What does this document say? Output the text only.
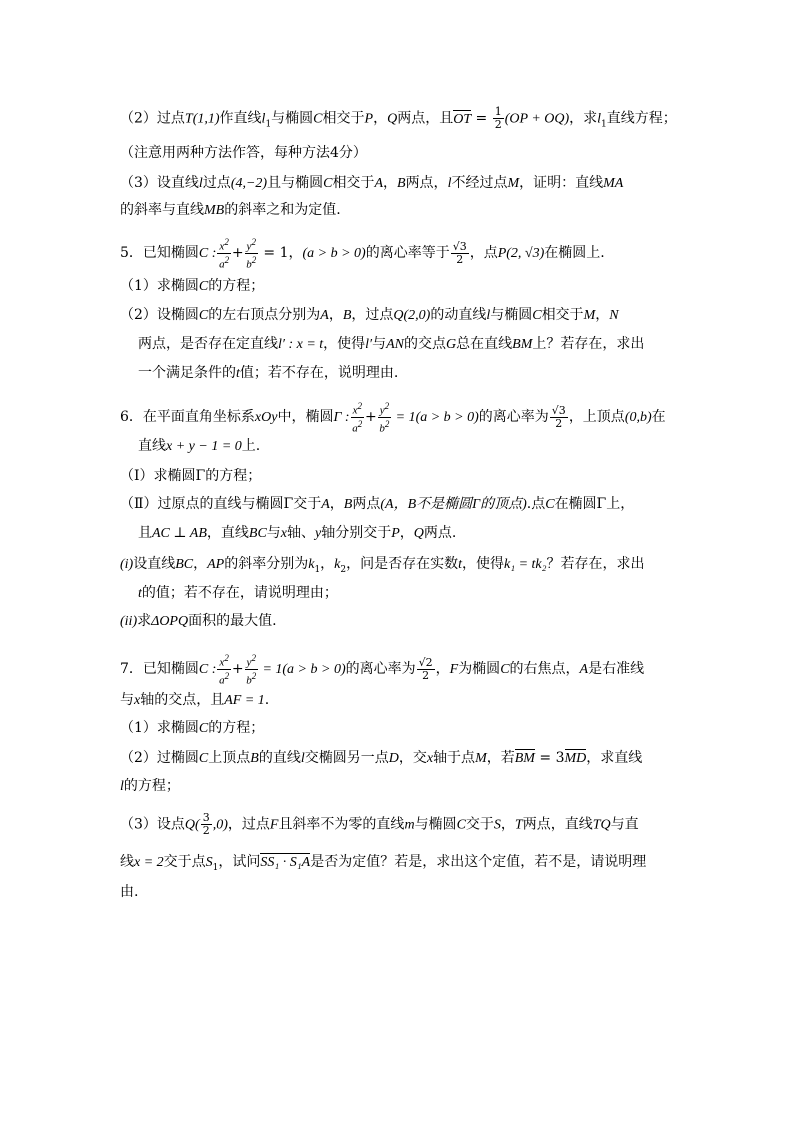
（2）过点T(1,1)作直线$l_1$与椭圆C相交于P，Q两点，且OT = $\frac{1}{2} (OP + OQ)$，求$l_1$直线方程；
（注意用两种方法作答，每种方法4分）
（3）设直线l过点(4,−2)且与椭圆C相交于A，B两点，l不经过点M，证明：直线MA
的斜率与直线MB的斜率之和为定值.
5．已知椭圆C : $\frac{x^2}{a^2} + \frac{y^2}{b^2} = 1$，(a > b > 0)的离心率等于 $\frac{√3}{2}$ ，点P(2, √3)在椭圆上.
（1）求椭圆C的方程；
（2）设椭圆C的左右顶点分别为A，B，过点Q(2,0)的动直线l与椭圆C相交于M，N
两点，是否存在定直线l′ : x = t，使得l′与AN的交点G总在直线BM上？若存在，求出
一个满足条件的t值；若不存在，说明理由.
6．在平面直角坐标系xOy中，椭圆Γ : $\frac{x^2}{a^2} + \frac{y^2}{b^2} = 1(a > b > 0)$的离心率为 $\frac{√3}{2}$ ，上顶点(0,b)在
直线x + y − 1 = 0上.
（Ⅰ）求椭圆Γ的方程；
（Ⅱ）过原点的直线与椭圆Γ交于A，B两点(A，B不是椭圆Γ的顶点).点C在椭圆Γ上，
且AC ⊥ AB，直线BC与x轴、y轴分别交于P，Q两点.
(i)设直线BC，AP的斜率分别为$k_1$，$k_2$，问是否存在实数t，使得k₁ = tk₂？若存在，求出
t的值；若不存在，请说明理由；
(ii)求ΔOPQ面积的最大值.
7．已知椭圆C : $\frac{x^2}{a^2} + \frac{y^2}{b^2} = 1(a > b > 0)$的离心率为 $\frac{√2}{2}$ ，F为椭圆C的右焦点，A是右准线
与x轴的交点，且AF = 1.
（1）求椭圆C的方程；
（2）过椭圆C上顶点B的直线l交椭圆另一点D，交x轴于点M，若BM = 3MD，求直线
l的方程；
（3）设点$Q( \frac{3}{2} ,0)$，过点F且斜率不为零的直线m与椭圆C交于S，T两点，直线TQ与直
线x = 2交于点$S_1$，试问SS₁ · S₁A是否为定值？若是，求出这个定值，若不是，请说明理
由.
